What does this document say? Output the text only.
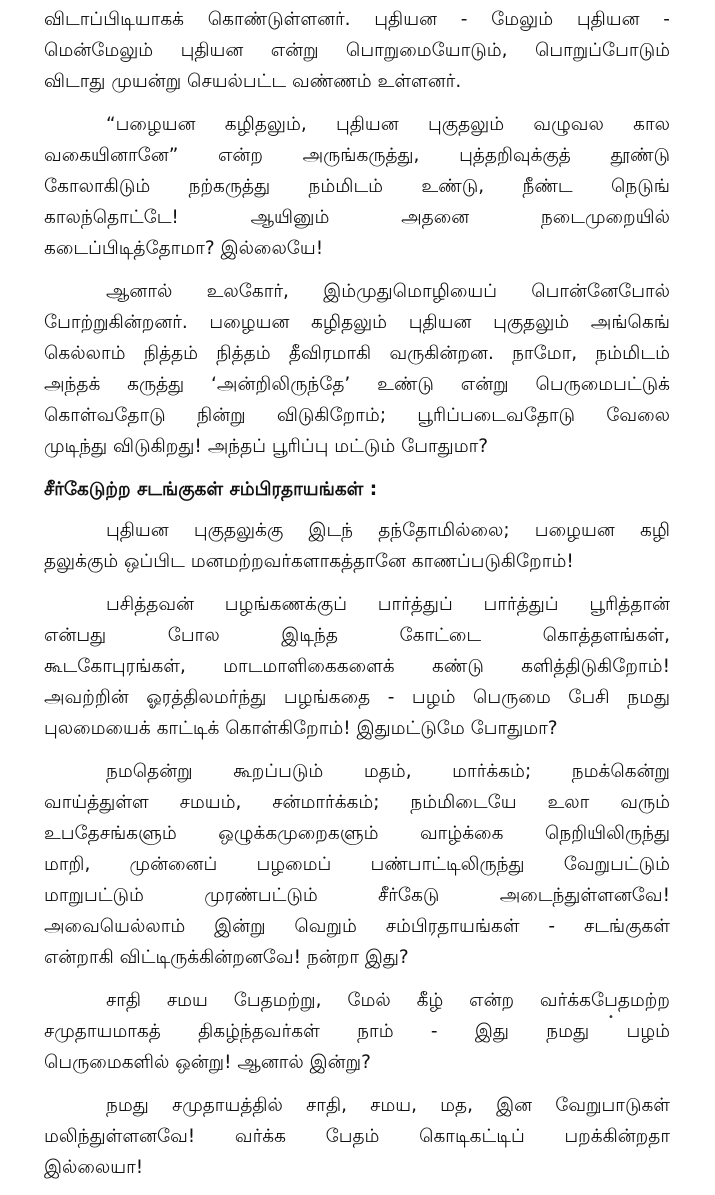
விடாப்பிடியாகக் கொண்டுள்ளனர். புதியன - மேலும் புதியன -

மென்மேலும் புதியன என்று பொறுமையோடும், பொறுப்போடும்

விடாது முயன்று செயல்பட்ட வண்ணம் உள்ளனர்.

“பழையன கழிதலும், புதியன புகுதலும் வழுவல கால

வகையினானே” என்ற அருங்கருத்து, புத்தறிவுக்குத் தூண்டு

கோலாகிடும் நற்கருத்து நம்மிடம் உண்டு, நீண்ட நெடுங்

காலந்தொட்டே! ஆயினும் அதனை நடைமுறையில்

கடைப்பிடித்தோமா? இல்லையே!

ஆனால் உலகோர், இம்முதுமொழியைப் பொன்னேபோல்

போற்றுகின்றனர். பழையன கழிதலும் புதியன புகுதலும் அங்கெங்

கெல்லாம் நித்தம் நித்தம் தீவிரமாகி வருகின்றன. நாமோ, நம்மிடம்

அந்தக் கருத்து ‘அன்றிலிருந்தே’ உண்டு என்று பெருமைபட்டுக்

கொள்வதோடு நின்று விடுகிறோம்; பூரிப்படைவதோடு வேலை

முடிந்து விடுகிறது! அந்தப் பூரிப்பு மட்டும் போதுமா?

சீர்கேடுற்ற சடங்குகள் சம்பிரதாயங்கள் :

புதியன புகுதலுக்கு இடந் தந்தோமில்லை; பழையன கழி

தலுக்கும் ஒப்பிட மனமற்றவர்களாகத்தானே காணப்படுகிறோம்!

பசித்தவன் பழங்கணக்குப் பார்த்துப் பார்த்துப் பூரித்தான்

என்பது போல இடிந்த கோட்டை கொத்தளங்கள்,

கூடகோபுரங்கள், மாடமாளிகைகளைக் கண்டு களித்திடுகிறோம்!

அவற்றின் ஓரத்திலமர்ந்து பழங்கதை - பழம் பெருமை பேசி நமது

புலமையைக் காட்டிக் கொள்கிறோம்! இதுமட்டுமே போதுமா?

நமதென்று கூறப்படும் மதம், மார்க்கம்; நமக்கென்று

வாய்த்துள்ள சமயம், சன்மார்க்கம்; நம்மிடையே உலா வரும்

உபதேசங்களும் ஒழுக்கமுறைகளும் வாழ்க்கை நெறியிலிருந்து

மாறி, முன்னைப் பழமைப் பண்பாட்டிலிருந்து வேறுபட்டும்

மாறுபட்டும் முரண்பட்டும் சீர்கேடு அடைந்துள்ளனவே!

அவையெல்லாம் இன்று வெறும் சம்பிரதாயங்கள் - சடங்குகள்

என்றாகி விட்டிருக்கின்றனவே! நன்றா இது?

சாதி சமய பேதமற்று, மேல் கீழ் என்ற வர்க்கபேதமற்ற

சமுதாயமாகத் திகழ்ந்தவர்கள் நாம் - இது நமது பழம்

பெருமைகளில் ஒன்று! ஆனால் இன்று?

நமது சமுதாயத்தில் சாதி, சமய, மத, இன வேறுபாடுகள்

மலிந்துள்ளனவே! வர்க்க பேதம் கொடிகட்டிப் பறக்கின்றதா

இல்லையா!

•
